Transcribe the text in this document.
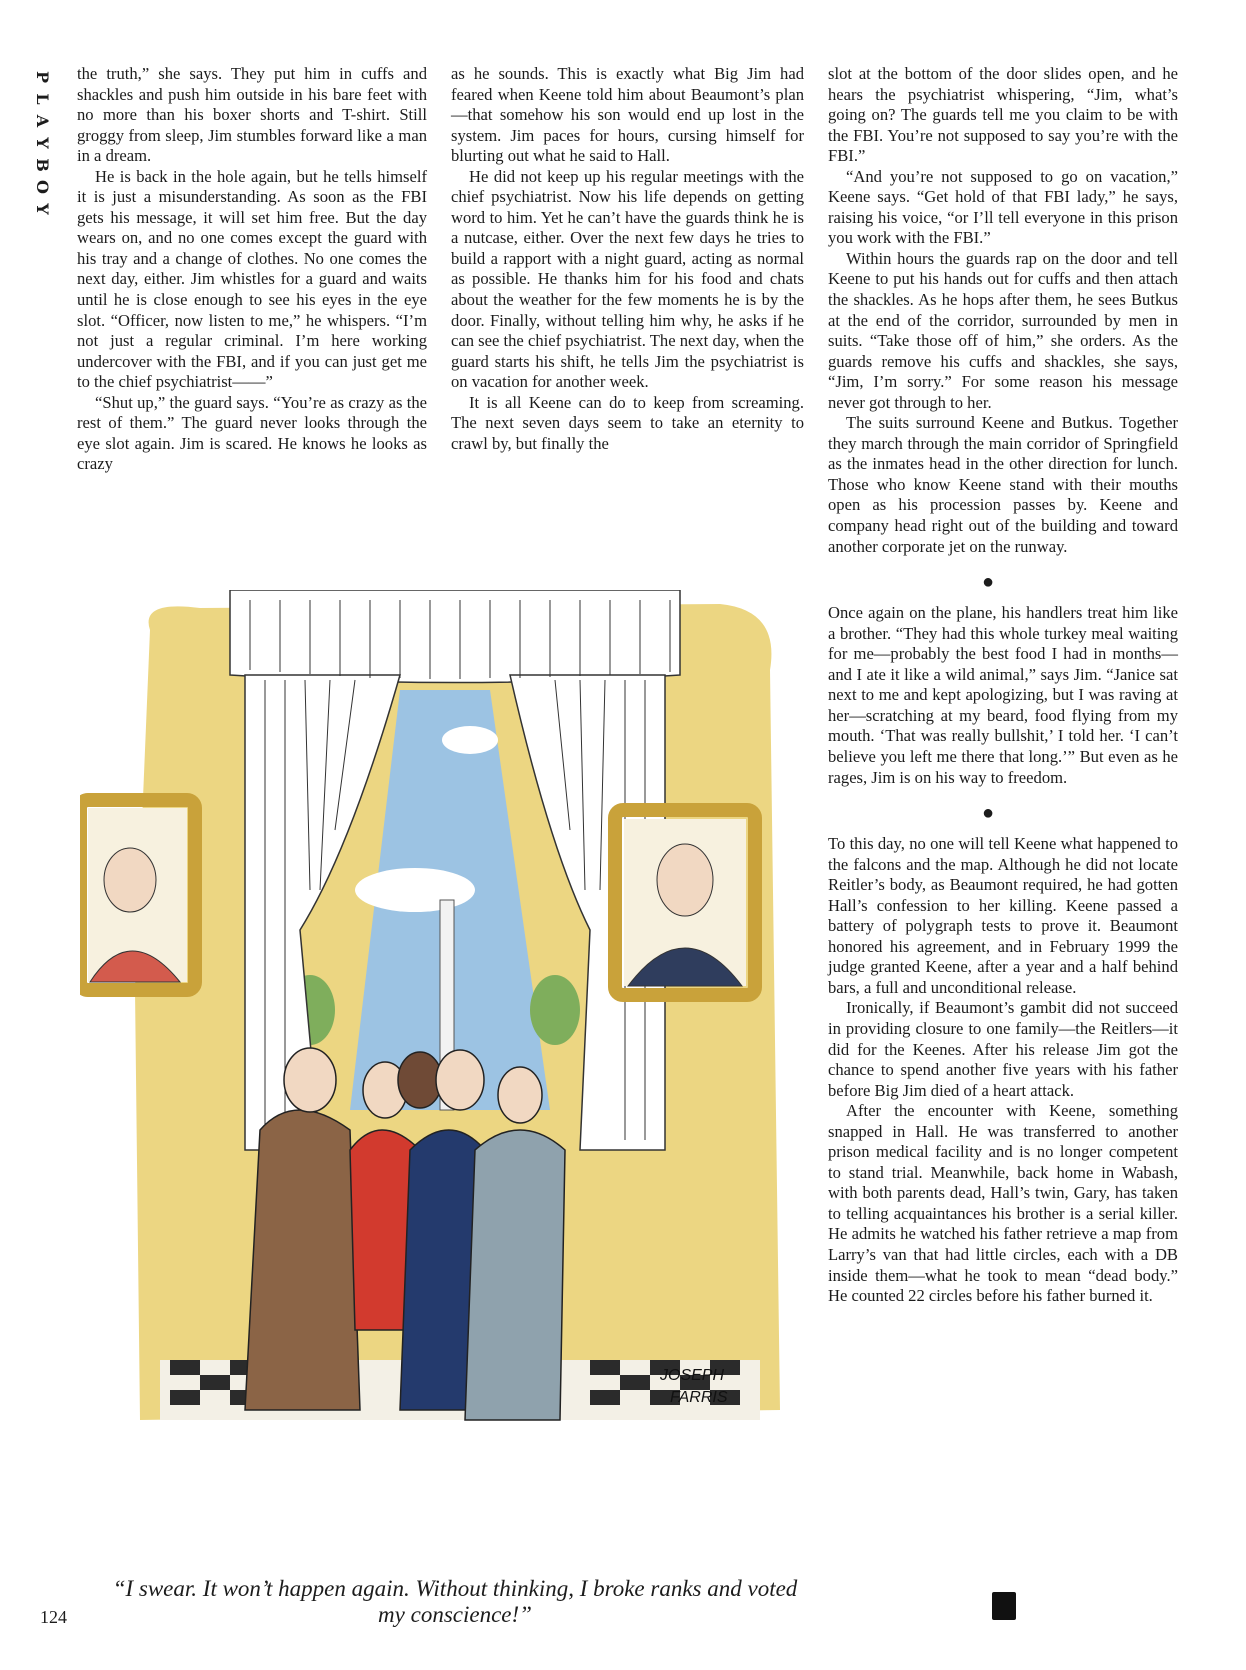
P
L
A
Y
B
O
Y

the truth,” she says. They put him in cuffs and shackles and push him outside in his bare feet with no more than his boxer shorts and T-shirt. Still groggy from sleep, Jim stumbles forward like a man in a dream.

He is back in the hole again, but he tells himself it is just a misunderstanding. As soon as the FBI gets his message, it will set him free. But the day wears on, and no one comes except the guard with his tray and a change of clothes. No one comes the next day, either. Jim whistles for a guard and waits until he is close enough to see his eyes in the eye slot. “Officer, now listen to me,” he whispers. “I’m not just a regular criminal. I’m here working undercover with the FBI, and if you can just get me to the chief psychiatrist——”

“Shut up,” the guard says. “You’re as crazy as the rest of them.” The guard never looks through the eye slot again. Jim is scared. He knows he looks as crazy

as he sounds. This is exactly what Big Jim had feared when Keene told him about Beaumont’s plan—that somehow his son would end up lost in the system. Jim paces for hours, cursing himself for blurting out what he said to Hall.

He did not keep up his regular meetings with the chief psychiatrist. Now his life depends on getting word to him. Yet he can’t have the guards think he is a nutcase, either. Over the next few days he tries to build a rapport with a night guard, acting as normal as possible. He thanks him for his food and chats about the weather for the few moments he is by the door. Finally, without telling him why, he asks if he can see the chief psychiatrist. The next day, when the guard starts his shift, he tells Jim the psychiatrist is on vacation for another week.

It is all Keene can do to keep from screaming. The next seven days seem to take an eternity to crawl by, but finally the

slot at the bottom of the door slides open, and he hears the psychiatrist whispering, “Jim, what’s going on? The guards tell me you claim to be with the FBI. You’re not supposed to say you’re with the FBI.”

“And you’re not supposed to go on vacation,” Keene says. “Get hold of that FBI lady,” he says, raising his voice, “or I’ll tell everyone in this prison you work with the FBI.”

Within hours the guards rap on the door and tell Keene to put his hands out for cuffs and then attach the shackles. As he hops after them, he sees Butkus at the end of the corridor, surrounded by men in suits. “Take those off of him,” she orders. As the guards remove his cuffs and shackles, she says, “Jim, I’m sorry.” For some reason his message never got through to her.

The suits surround Keene and Butkus. Together they march through the main corridor of Springfield as the inmates head in the other direction for lunch. Those who know Keene stand with their mouths open as his procession passes by. Keene and company head right out of the building and toward another corporate jet on the runway.

●

Once again on the plane, his handlers treat him like a brother. “They had this whole turkey meal waiting for me—probably the best food I had in months—and I ate it like a wild animal,” says Jim. “Janice sat next to me and kept apologizing, but I was raving at her—scratching at my beard, food flying from my mouth. ‘That was really bullshit,’ I told her. ‘I can’t believe you left me there that long.’” But even as he rages, Jim is on his way to freedom.

●

To this day, no one will tell Keene what happened to the falcons and the map. Although he did not locate Reitler’s body, as Beaumont required, he had gotten Hall’s confession to her killing. Keene passed a battery of polygraph tests to prove it. Beaumont honored his agreement, and in February 1999 the judge granted Keene, after a year and a half behind bars, a full and unconditional release.

Ironically, if Beaumont’s gambit did not succeed in providing closure to one family—the Reitlers—it did for the Keenes. After his release Jim got the chance to spend another five years with his father before Big Jim died of a heart attack.

After the encounter with Keene, something snapped in Hall. He was transferred to another prison medical facility and is no longer competent to stand trial. Meanwhile, back home in Wabash, with both parents dead, Hall’s twin, Gary, has taken to telling acquaintances his brother is a serial killer. He admits he watched his father retrieve a map from Larry’s van that had little circles, each with a DB inside them—what he took to mean “dead body.” He counted 22 circles before his father burned it.

JOSEPH
FARRIS
“I swear. It won’t happen again. Without thinking, I broke ranks and voted my conscience!”
124
